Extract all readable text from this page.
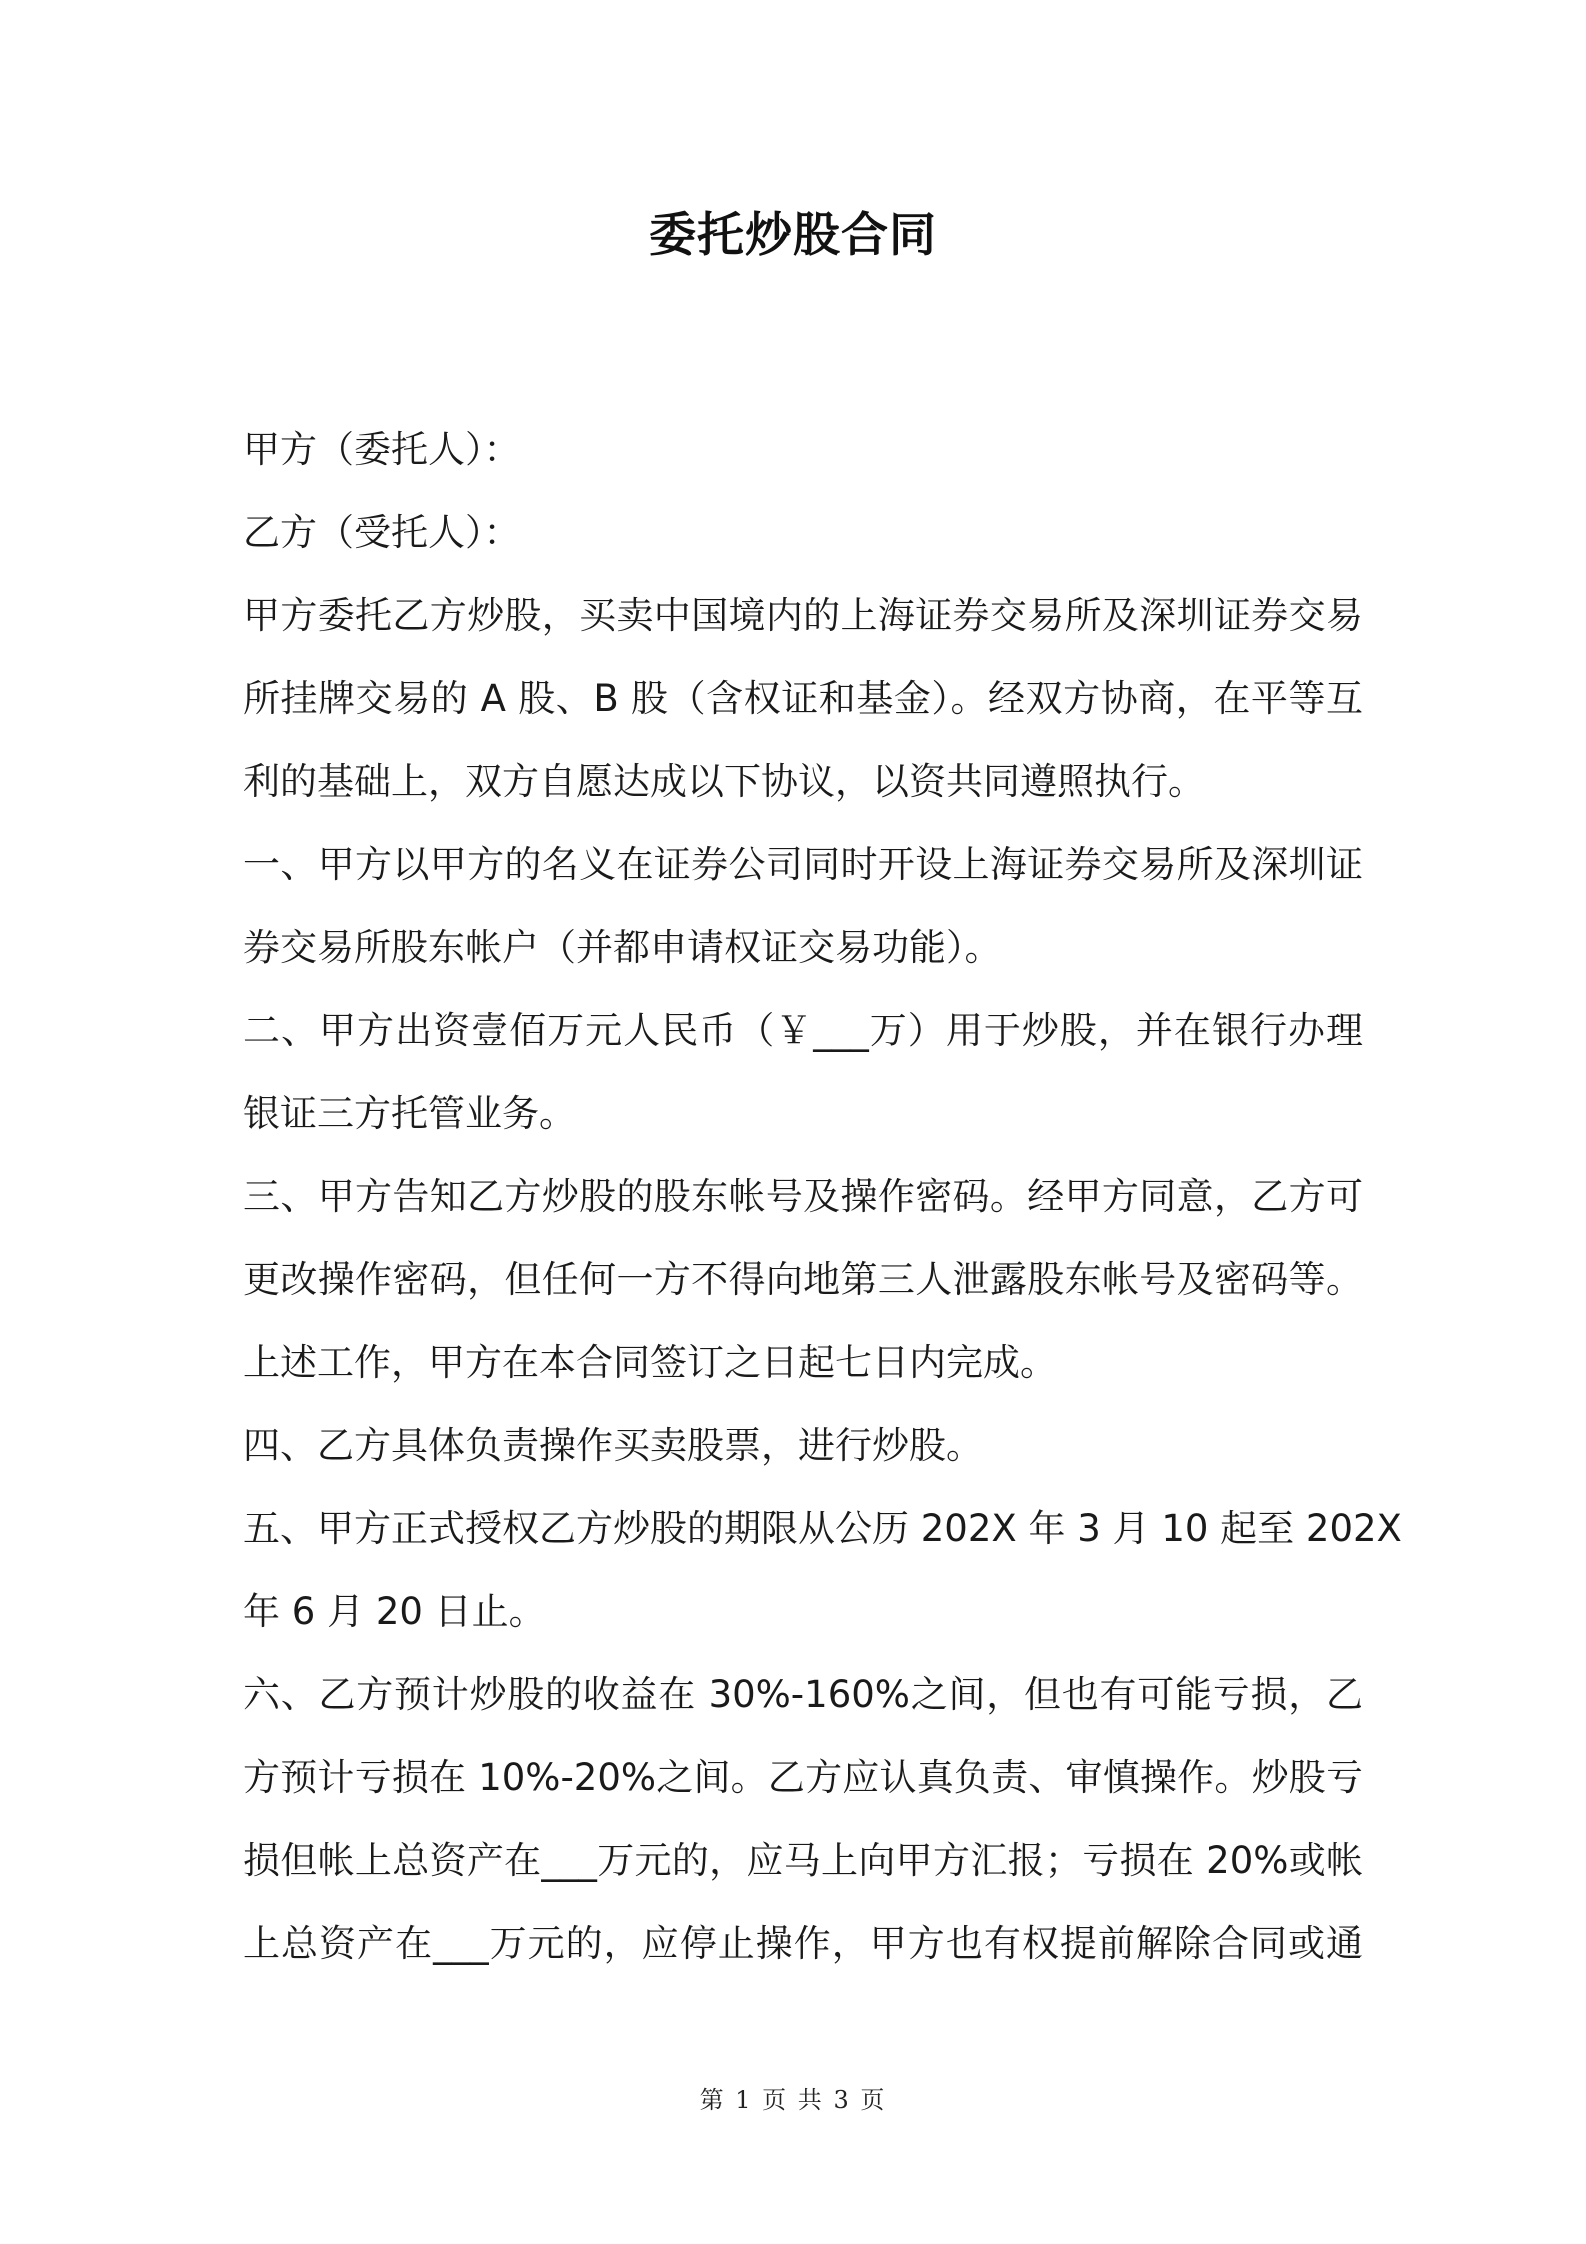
委托炒股合同
甲方（委托人）：
乙方（受托人）：
甲方委托乙方炒股，买卖中国境内的上海证券交易所及深圳证券交易
所挂牌交易的 A 股、B 股（含权证和基金）。经双方协商，在平等互
利的基础上，双方自愿达成以下协议，以资共同遵照执行。
一、甲方以甲方的名义在证券公司同时开设上海证券交易所及深圳证
券交易所股东帐户（并都申请权证交易功能）。
二、甲方出资壹佰万元人民币（￥___万）用于炒股，并在银行办理
银证三方托管业务。
三、甲方告知乙方炒股的股东帐号及操作密码。经甲方同意，乙方可
更改操作密码，但任何一方不得向地第三人泄露股东帐号及密码等。
上述工作，甲方在本合同签订之日起七日内完成。
四、乙方具体负责操作买卖股票，进行炒股。
五、甲方正式授权乙方炒股的期限从公历 202X 年 3 月 10 起至 202X
年 6 月 20 日止。
六、乙方预计炒股的收益在 30%-160%之间，但也有可能亏损，乙
方预计亏损在 10%-20%之间。乙方应认真负责、审慎操作。炒股亏
损但帐上总资产在___万元的，应马上向甲方汇报；亏损在 20%或帐
上总资产在___万元的，应停止操作，甲方也有权提前解除合同或通
第 1 页 共 3 页
